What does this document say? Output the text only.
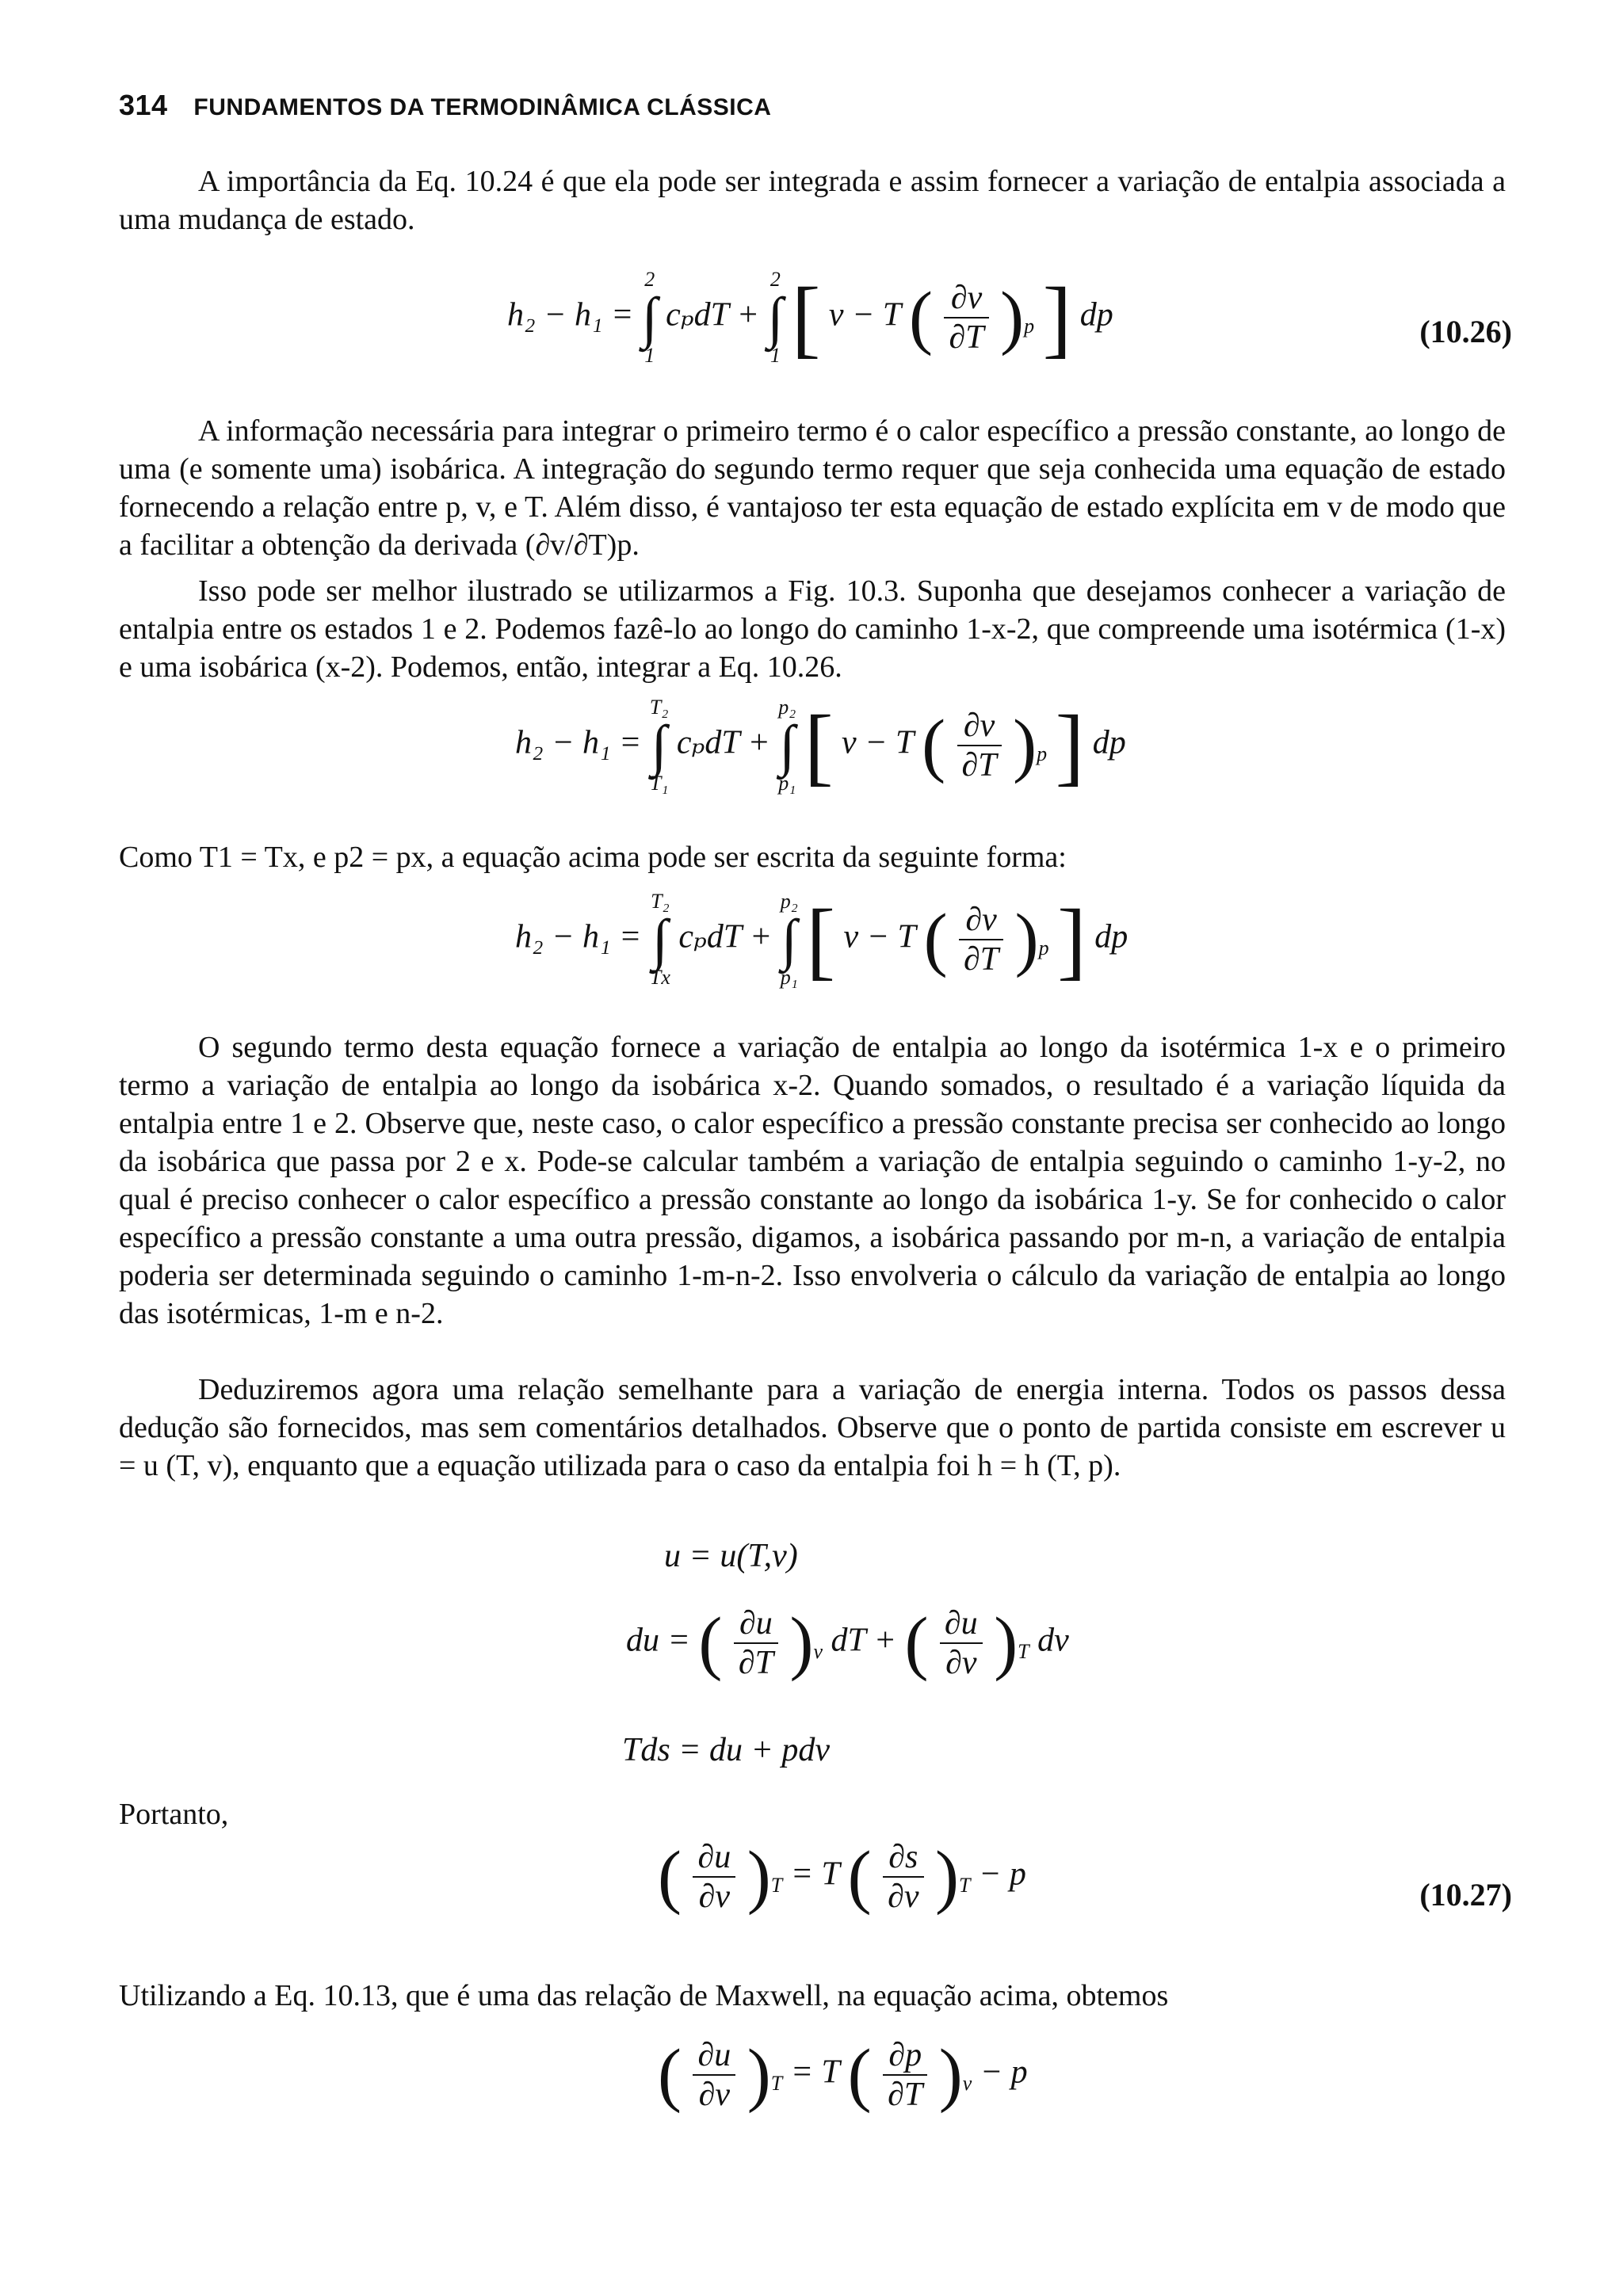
314 FUNDAMENTOS DA TERMODINÂMICA CLÁSSICA

A importância da Eq. 10.24 é que ela pode ser integrada e assim fornecer a variação de entalpia associada a uma mudança de estado.

h₂ − h₁ = 2
∫
1 cₚdT + 2
∫
1 [ v − T ( $\frac{\partial v}{\partial T} )_p$ ] dp	(10.26)

A informação necessária para integrar o primeiro termo é o calor específico a pressão constante, ao longo de uma (e somente uma) isobárica. A integração do segundo termo requer que seja conhecida uma equação de estado fornecendo a relação entre p, v, e T. Além disso, é vantajoso ter esta equação de estado explícita em v de modo que a facilitar a obtenção da derivada (∂v/∂T)p.

Isso pode ser melhor ilustrado se utilizarmos a Fig. 10.3. Suponha que desejamos conhecer a variação de entalpia entre os estados 1 e 2. Podemos fazê-lo ao longo do caminho 1-x-2, que compreende uma isotérmica (1-x) e uma isobárica (x-2). Podemos, então, integrar a Eq. 10.26.

h₂ − h₁ = T₂
∫
T₁ cₚdT + p₂
∫
p₁ [ v − T ( $\frac{\partial v}{\partial T} )_p$ ] dp

Como T1 = Tx, e p2 = px, a equação acima pode ser escrita da seguinte forma:

h₂ − h₁ = T₂
∫
Tx cₚdT + p₂
∫
p₁ [ v − T ( $\frac{\partial v}{\partial T} )_p$ ] dp

O segundo termo desta equação fornece a variação de entalpia ao longo da isotérmica 1-x e o primeiro termo a variação de entalpia ao longo da isobárica x-2. Quando somados, o resultado é a variação líquida da entalpia entre 1 e 2. Observe que, neste caso, o calor específico a pressão constante precisa ser conhecido ao longo da isobárica que passa por 2 e x. Pode-se calcular também a variação de entalpia seguindo o caminho 1-y-2, no qual é preciso conhecer o calor específico a pressão constante ao longo da isobárica 1-y. Se for conhecido o calor específico a pressão constante a uma outra pressão, digamos, a isobárica passando por m-n, a variação de entalpia poderia ser determinada seguindo o caminho 1-m-n-2. Isso envolveria o cálculo da variação de entalpia ao longo das isotérmicas, 1-m e n-2.

Deduziremos agora uma relação semelhante para a variação de energia interna. Todos os passos dessa dedução são fornecidos, mas sem comentários detalhados. Observe que o ponto de partida consiste em escrever u = u (T, v), enquanto que a equação utilizada para o caso da entalpia foi h = h (T, p).

u = u(T,v)
du = ( $\frac{\partial u}{\partial T} )_v$ dT + ( $\frac{\partial u}{\partial v} )_T$ dv
Tds = du + pdv
Portanto,
( $\frac{\partial u}{\partial v} )_T = T$ ( $\frac{\partial s}{\partial v} )_T - p$
(10.27)

Utilizando a Eq. 10.13, que é uma das relação de Maxwell, na equação acima, obtemos

( $\frac{\partial u}{\partial v} )_T = T$ ( $\frac{\partial p}{\partial T} )_v - p$
